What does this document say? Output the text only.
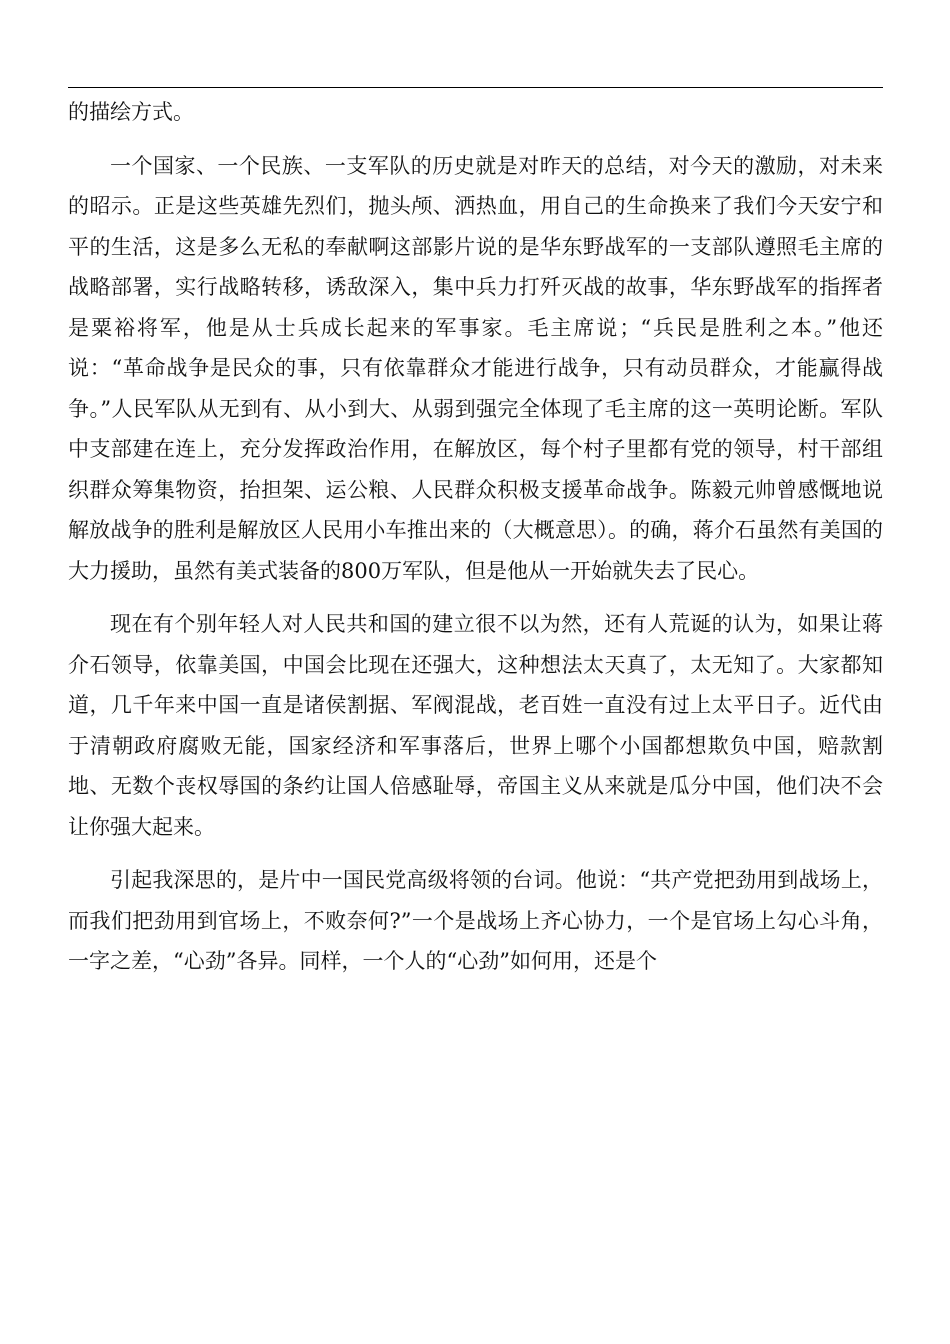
的描绘方式。

一个国家、一个民族、一支军队的历史就是对昨天的总结，对今天的激励，对未来的昭示。正是这些英雄先烈们，抛头颅、洒热血，用自己的生命换来了我们今天安宁和平的生活，这是多么无私的奉献啊这部影片说的是华东野战军的一支部队遵照毛主席的战略部署，实行战略转移，诱敌深入，集中兵力打歼灭战的故事，华东野战军的指挥者是粟裕将军，他是从士兵成长起来的军事家。毛主席说；“兵民是胜利之本。”他还说：“革命战争是民众的事，只有依靠群众才能进行战争，只有动员群众，才能赢得战争。”人民军队从无到有、从小到大、从弱到强完全体现了毛主席的这一英明论断。军队中支部建在连上，充分发挥政治作用，在解放区，每个村子里都有党的领导，村干部组织群众筹集物资，抬担架、运公粮、人民群众积极支援革命战争。陈毅元帅曾感慨地说解放战争的胜利是解放区人民用小车推出来的（大概意思）。的确，蒋介石虽然有美国的大力援助，虽然有美式装备的800万军队，但是他从一开始就失去了民心。

现在有个别年轻人对人民共和国的建立很不以为然，还有人荒诞的认为，如果让蒋介石领导，依靠美国，中国会比现在还强大，这种想法太天真了，太无知了。大家都知道，几千年来中国一直是诸侯割据、军阀混战，老百姓一直没有过上太平日子。近代由于清朝政府腐败无能，国家经济和军事落后，世界上哪个小国都想欺负中国，赔款割地、无数个丧权辱国的条约让国人倍感耻辱，帝国主义从来就是瓜分中国，他们决不会让你强大起来。

引起我深思的，是片中一国民党高级将领的台词。他说：“共产党把劲用到战场上，而我们把劲用到官场上，不败奈何?”一个是战场上齐心协力，一个是官场上勾心斗角，一字之差，“心劲”各异。同样，一个人的“心劲”如何用，还是个
